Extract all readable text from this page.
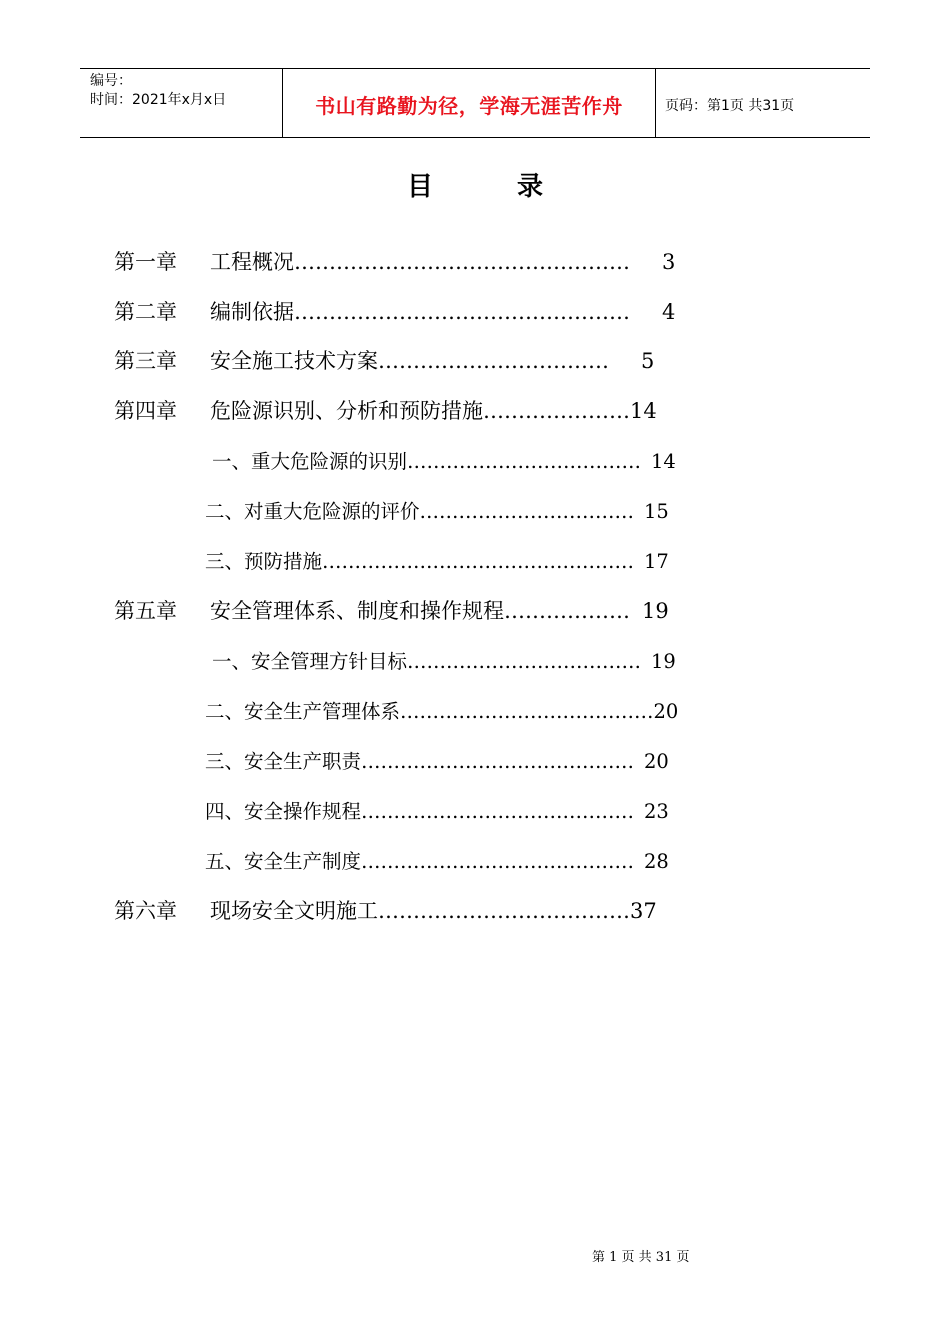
编号：
时间：2021年x月x日	书山有路勤为径，学海无涯苦作舟	页码：第1页 共31页
目	录
第一章	工程概况 ………………………………………… 3
第二章	编制依据 ………………………………………… 4
第三章	安全施工技术方案 …………………………… 5
第四章	危险源识别、分析和预防措施 ………………… 14
一、重大危险源的识别 ……………………………… 14
二、对重大危险源的评价 …………………………… 15
三、预防措施 ………………………………………… 17
第五章	安全管理体系、制度和操作规程 ……………… 19
一、安全管理方针目标 ……………………………… 19
二、安全生产管理体系 ………………………………… 20
三、安全生产职责 …………………………………… 20
四、安全操作规程 …………………………………… 23
五、安全生产制度 …………………………………… 28
第六章	现场安全文明施工 ……………………………… 37
第 1 页 共 31 页
